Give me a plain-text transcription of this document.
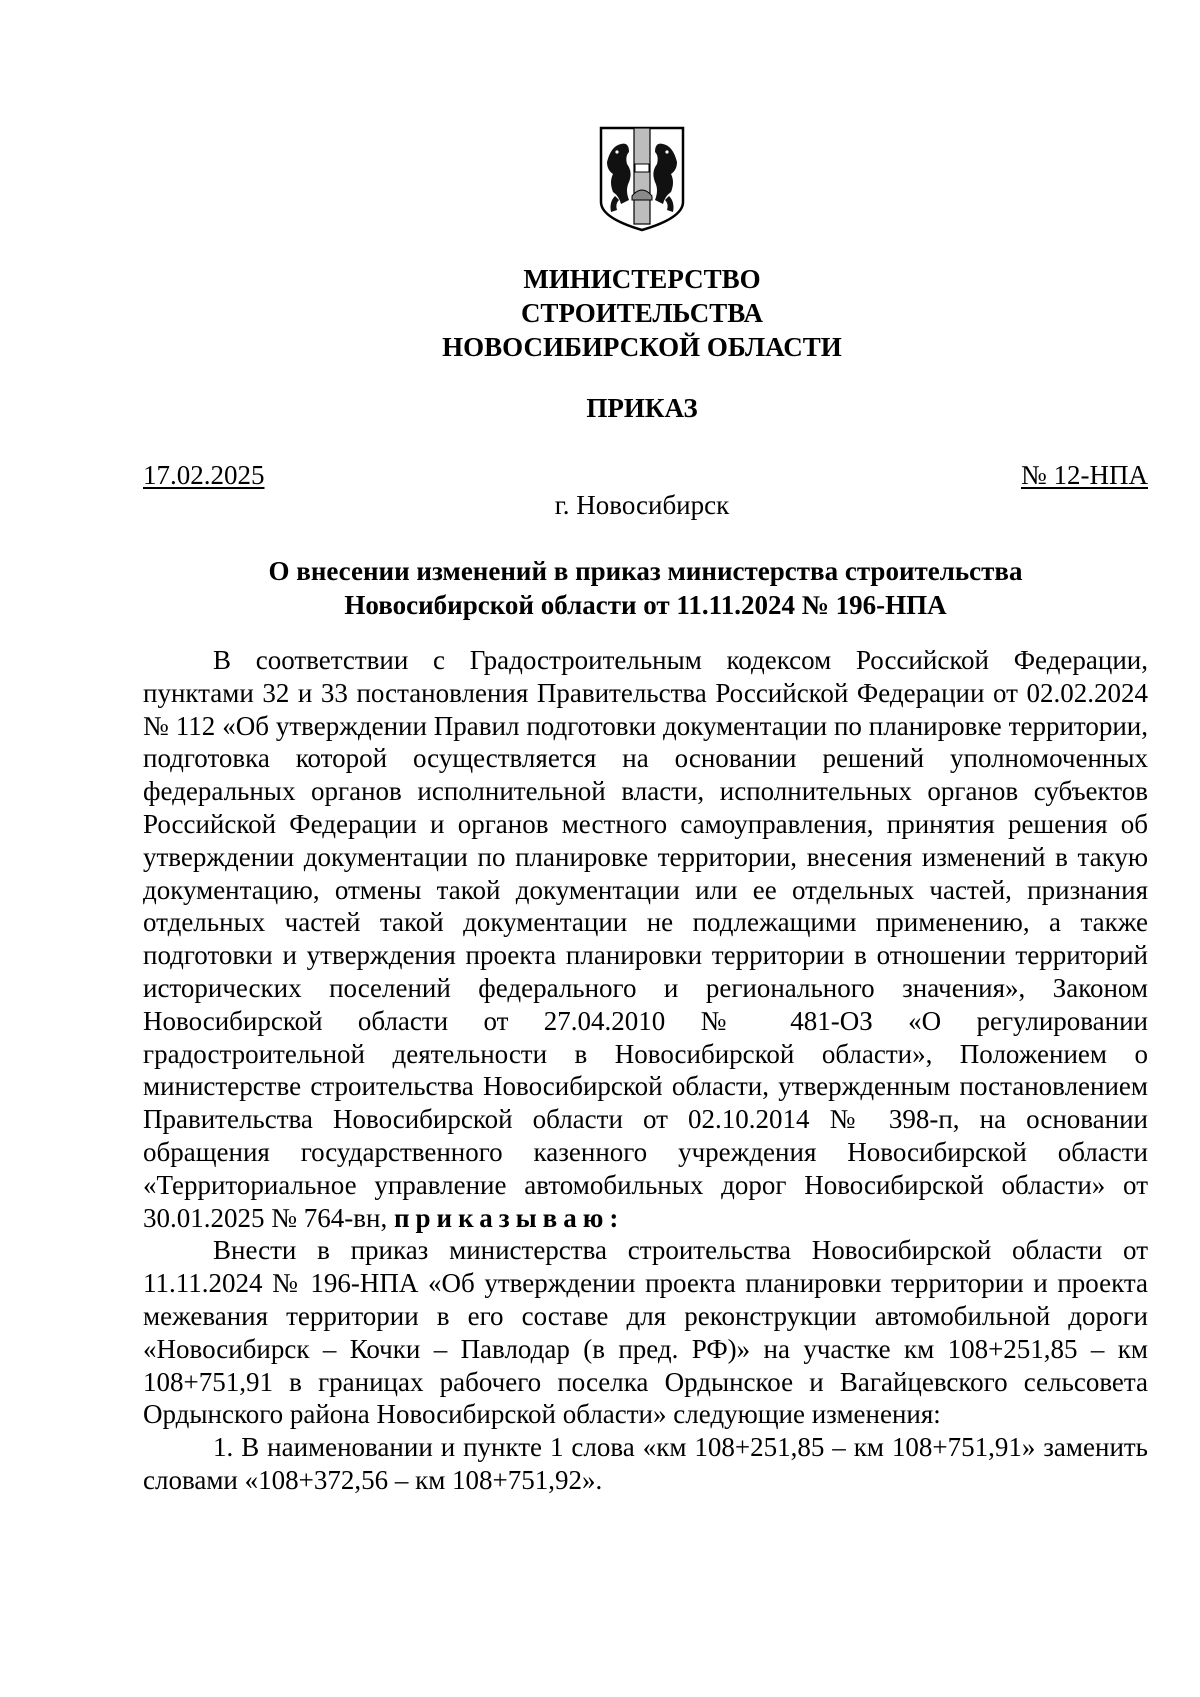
МИНИСТЕРСТВО
СТРОИТЕЛЬСТВА
НОВОСИБИРСКОЙ ОБЛАСТИ
ПРИКАЗ
17.02.2025	№ 12-НПА
г. Новосибирск
О внесении изменений в приказ министерства строительства
Новосибирской области от 11.11.2024 № 196-НПА

В соответствии с Градостроительным кодексом Российской Федерации, пунктами 32 и 33 постановления Правительства Российской Федерации от 02.02.2024 № 112 «Об утверждении Правил подготовки документации по планировке территории, подготовка которой осуществляется на основании решений уполномоченных федеральных органов исполнительной власти, исполнительных органов субъектов Российской Федерации и органов местного самоуправления, принятия решения об утверждении документации по планировке территории, внесения изменений в такую документацию, отмены такой документации или ее отдельных частей, признания отдельных частей такой документации не подлежащими применению, а также подготовки и утверждения проекта планировки территории в отношении территорий исторических поселений федерального и регионального значения», Законом Новосибирской области от 27.04.2010 № 481-ОЗ «О регулировании градостроительной деятельности в Новосибирской области», Положением о министерстве строительства Новосибирской области, утвержденным постановлением Правительства Новосибирской области от 02.10.2014 № 398-п, на основании обращения государственного казенного учреждения Новосибирской области «Территориальное управление автомобильных дорог Новосибирской области» от 30.01.2025 № 764-вн, приказываю:

Внести в приказ министерства строительства Новосибирской области от 11.11.2024 № 196-НПА «Об утверждении проекта планировки территории и проекта межевания территории в его составе для реконструкции автомобильной дороги «Новосибирск – Кочки – Павлодар (в пред. РФ)» на участке км 108+251,85 – км 108+751,91 в границах рабочего поселка Ордынское и Вагайцевского сельсовета Ордынского района Новосибирской области» следующие изменения:

1. В наименовании и пункте 1 слова «км 108+251,85 – км 108+751,91» заменить словами «108+372,56 – км 108+751,92».
